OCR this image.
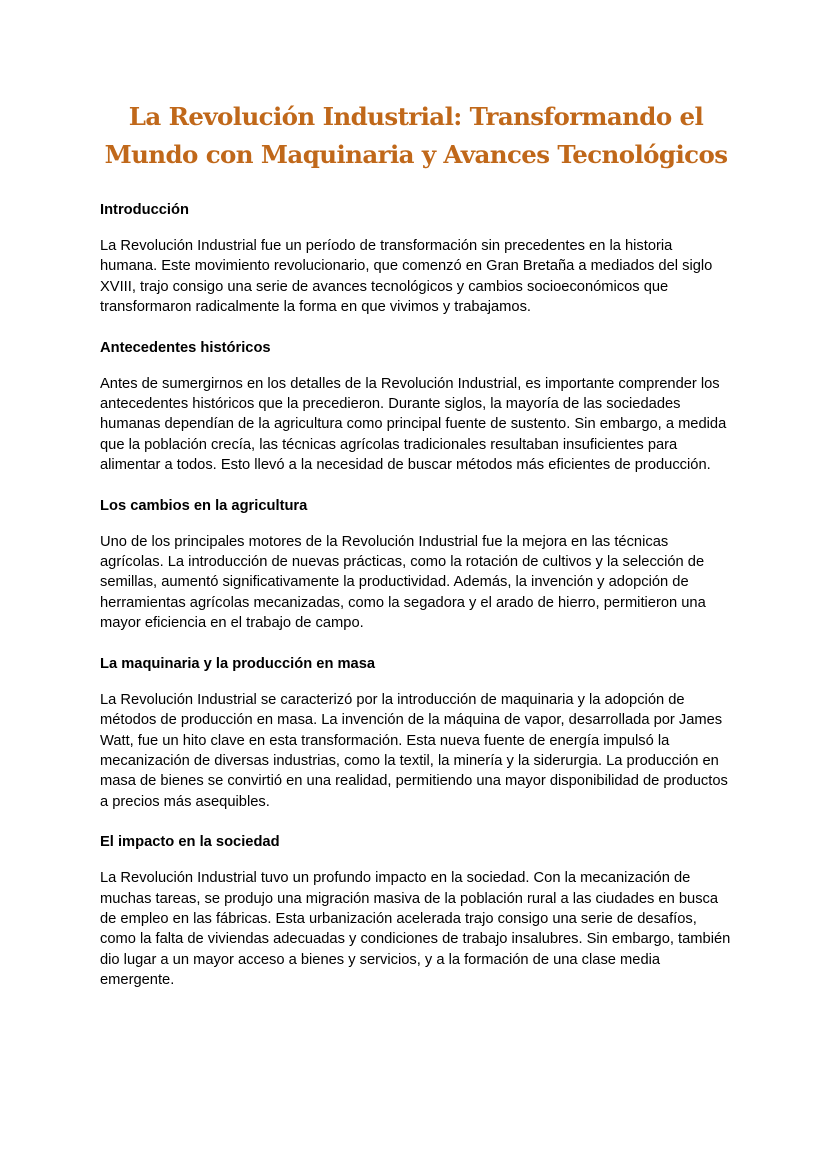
La Revolución Industrial: Transformando el Mundo con Maquinaria y Avances Tecnológicos
Introducción

La Revolución Industrial fue un período de transformación sin precedentes en la historia humana. Este movimiento revolucionario, que comenzó en Gran Bretaña a mediados del siglo XVIII, trajo consigo una serie de avances tecnológicos y cambios socioeconómicos que transformaron radicalmente la forma en que vivimos y trabajamos.

Antecedentes históricos

Antes de sumergirnos en los detalles de la Revolución Industrial, es importante comprender los antecedentes históricos que la precedieron. Durante siglos, la mayoría de las sociedades humanas dependían de la agricultura como principal fuente de sustento. Sin embargo, a medida que la población crecía, las técnicas agrícolas tradicionales resultaban insuficientes para alimentar a todos. Esto llevó a la necesidad de buscar métodos más eficientes de producción.

Los cambios en la agricultura

Uno de los principales motores de la Revolución Industrial fue la mejora en las técnicas agrícolas. La introducción de nuevas prácticas, como la rotación de cultivos y la selección de semillas, aumentó significativamente la productividad. Además, la invención y adopción de herramientas agrícolas mecanizadas, como la segadora y el arado de hierro, permitieron una mayor eficiencia en el trabajo de campo.

La maquinaria y la producción en masa

La Revolución Industrial se caracterizó por la introducción de maquinaria y la adopción de métodos de producción en masa. La invención de la máquina de vapor, desarrollada por James Watt, fue un hito clave en esta transformación. Esta nueva fuente de energía impulsó la mecanización de diversas industrias, como la textil, la minería y la siderurgia. La producción en masa de bienes se convirtió en una realidad, permitiendo una mayor disponibilidad de productos a precios más asequibles.

El impacto en la sociedad

La Revolución Industrial tuvo un profundo impacto en la sociedad. Con la mecanización de muchas tareas, se produjo una migración masiva de la población rural a las ciudades en busca de empleo en las fábricas. Esta urbanización acelerada trajo consigo una serie de desafíos, como la falta de viviendas adecuadas y condiciones de trabajo insalubres. Sin embargo, también dio lugar a un mayor acceso a bienes y servicios, y a la formación de una clase media emergente.
